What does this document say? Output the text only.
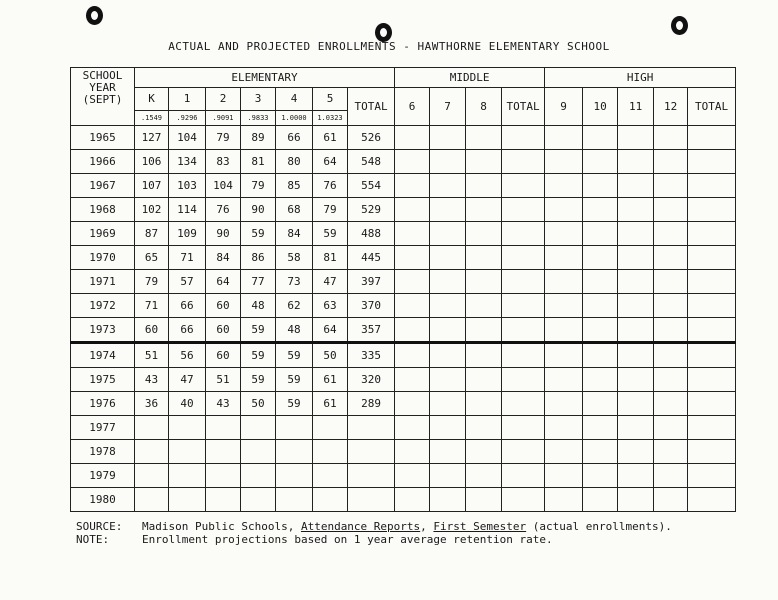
ACTUAL AND PROJECTED ENROLLMENTS - HAWTHORNE ELEMENTARY SCHOOL
SCHOOL
YEAR
(SEPT)	ELEMENTARY							MIDDLE				HIGH				
	K	1	2	3	4	5	TOTAL	6	7	8	TOTAL	9	10	11	12	TOTAL
	.1549	.9296	.9091	.9833	1.0000	1.0323										
1965	127	104	79	89	66	61	526									
1966	106	134	83	81	80	64	548									
1967	107	103	104	79	85	76	554									
1968	102	114	76	90	68	79	529									
1969	87	109	90	59	84	59	488									
1970	65	71	84	86	58	81	445									
1971	79	57	64	77	73	47	397									
1972	71	66	60	48	62	63	370									
1973	60	66	60	59	48	64	357									
1974	51	56	60	59	59	50	335									
1975	43	47	51	59	59	61	320									
1976	36	40	43	50	59	61	289									
1977																
1978																
1979																
1980																
SOURCE:	Madison Public Schools, Attendance Reports, First Semester (actual enrollments).
NOTE:	Enrollment projections based on 1 year average retention rate.
